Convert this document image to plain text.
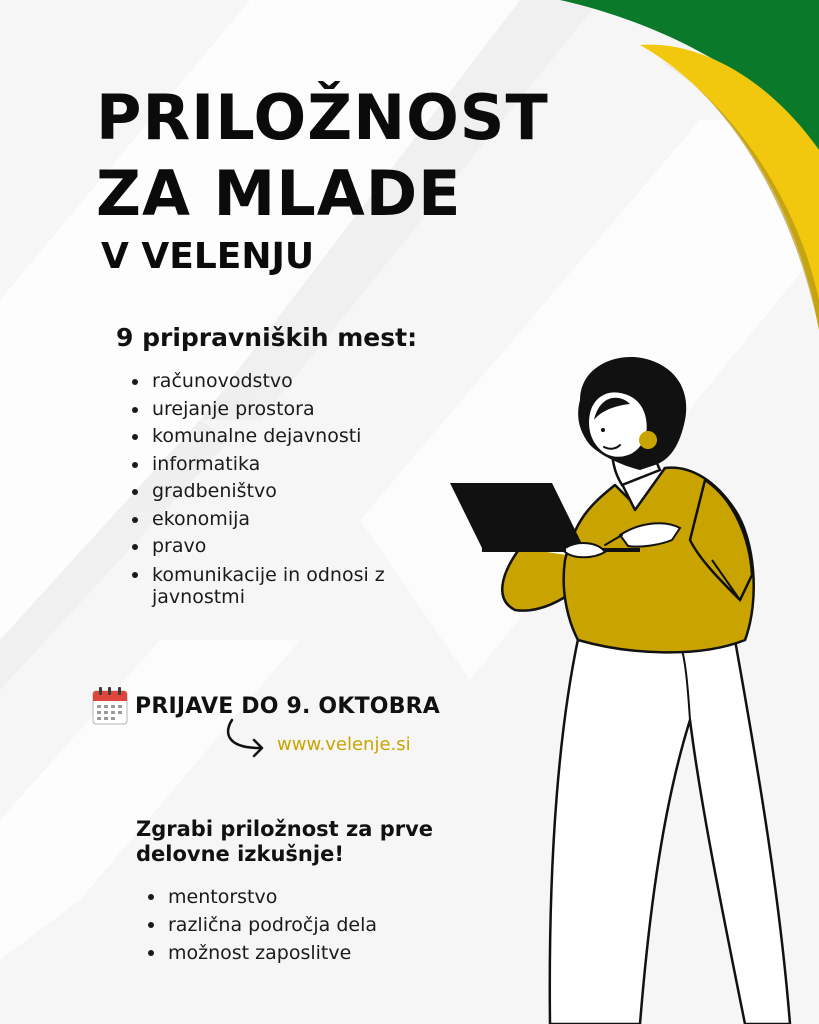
PRILOŽNOST
ZA MLADE
V VELENJU
9 pripravniških mest:
računovodstvo
urejanje prostora
komunalne dejavnosti
informatika
gradbeništvo
ekonomija
pravo
komunikacije in odnosi z javnostmi
PRIJAVE DO 9. OKTOBRA
www.velenje.si
Zgrabi priložnost za prve delovne izkušnje!
mentorstvo
različna področja dela
možnost zaposlitve
